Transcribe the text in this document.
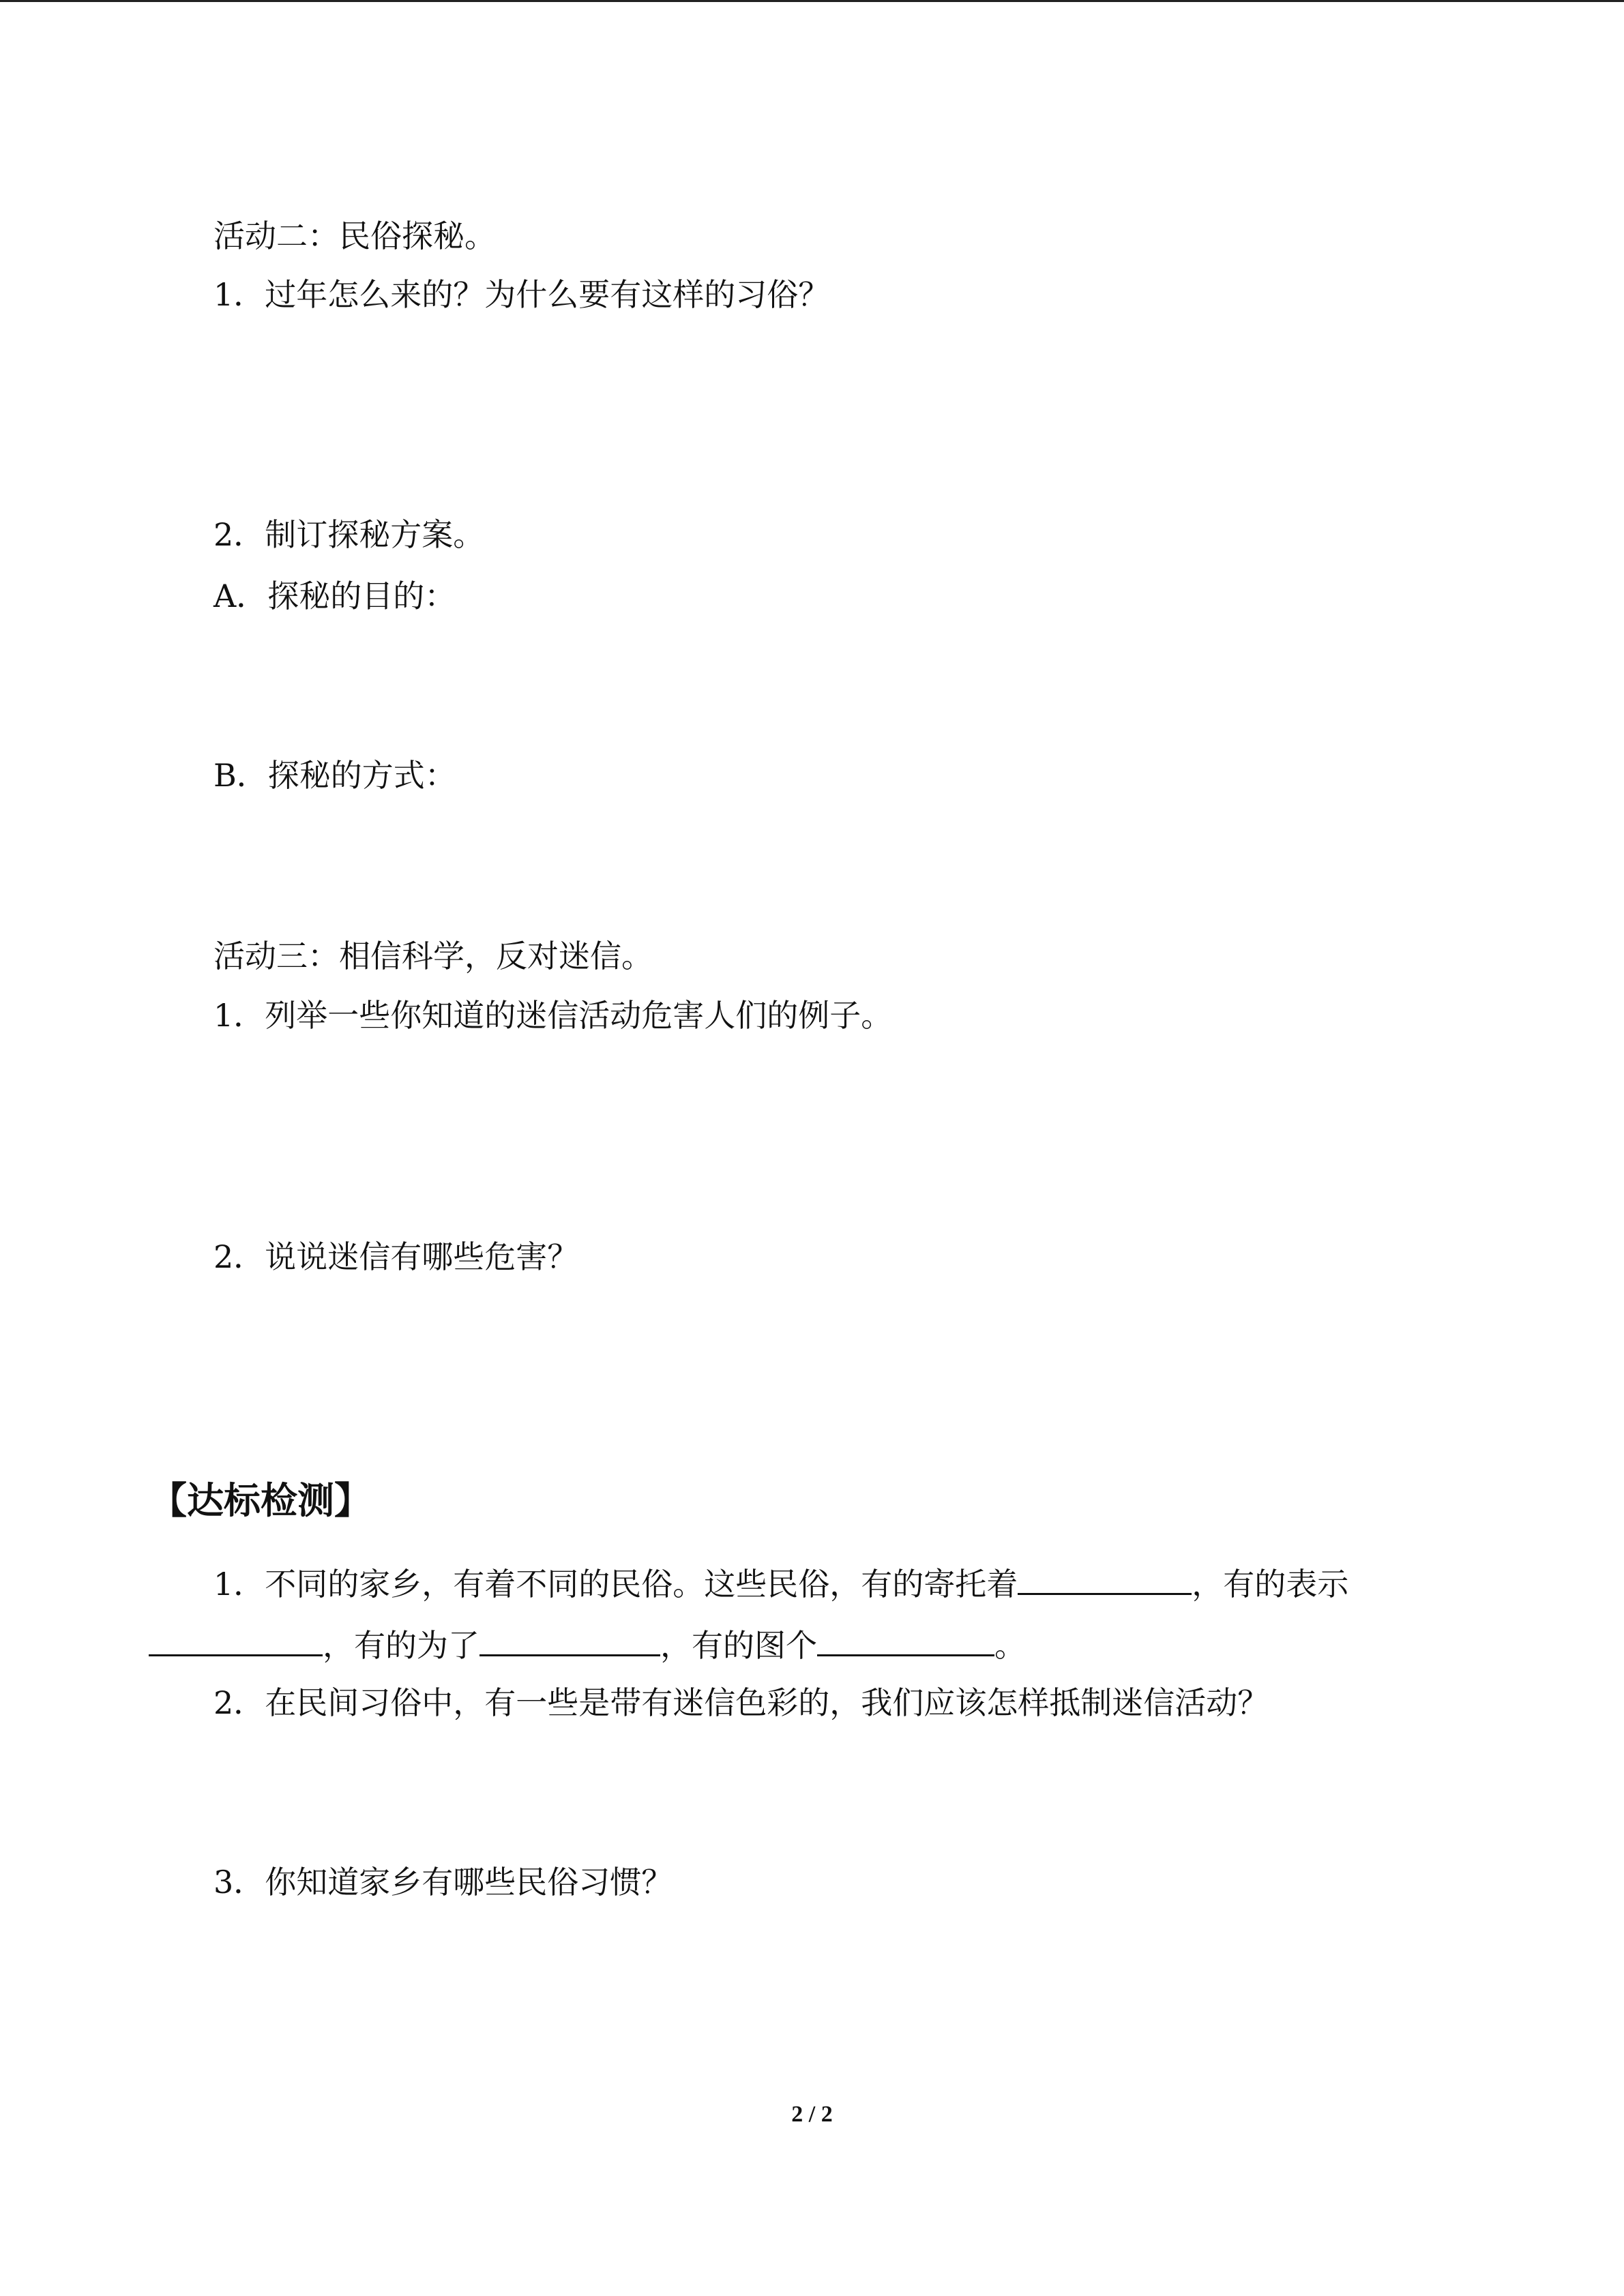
活动二：民俗探秘。
1．过年怎么来的？为什么要有这样的习俗？
2．制订探秘方案。
A．探秘的目的：
B．探秘的方式：
活动三：相信科学，反对迷信。
1．列举一些你知道的迷信活动危害人们的例子。
2．说说迷信有哪些危害？
【达标检测】
1．不同的家乡，有着不同的民俗。这些民俗，有的寄托着	，有的表示
，有的为了	，有的图个	。
2．在民间习俗中，有一些是带有迷信色彩的，我们应该怎样抵制迷信活动？
3．你知道家乡有哪些民俗习惯？
2 / 2
